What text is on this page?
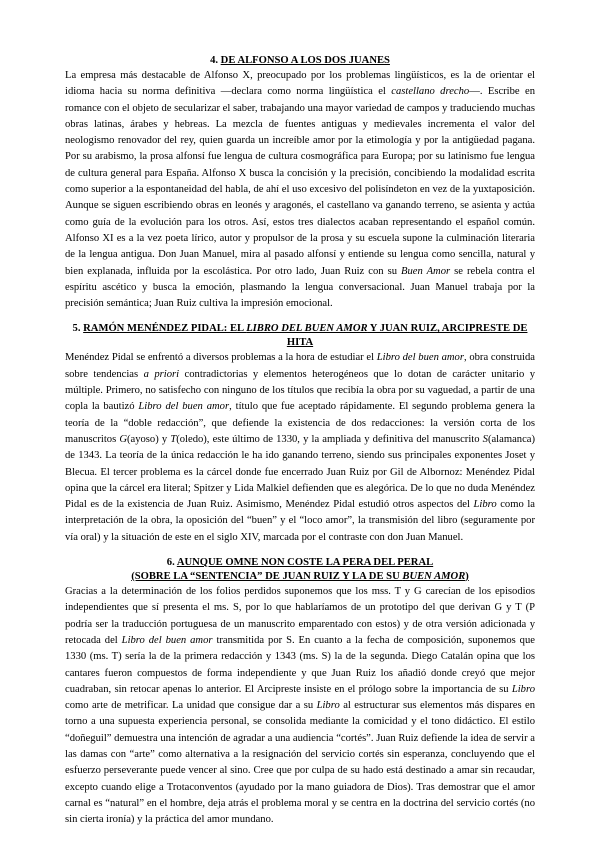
4. DE ALFONSO A LOS DOS JUANES

La empresa más destacable de Alfonso X, preocupado por los problemas lingüísticos, es la de orientar el idioma hacia su norma definitiva —declara como norma lingüística el castellano drecho—. Escribe en romance con el objeto de secularizar el saber, trabajando una mayor variedad de campos y traduciendo muchas obras latinas, árabes y hebreas. La mezcla de fuentes antiguas y medievales incrementa el valor del neologismo renovador del rey, quien guarda un increíble amor por la etimología y por la antigüedad pagana. Por su arabismo, la prosa alfonsí fue lengua de cultura cosmográfica para Europa; por su latinismo fue lengua de cultura general para España. Alfonso X busca la concisión y la precisión, concibiendo la modalidad escrita como superior a la espontaneidad del habla, de ahí el uso excesivo del polisíndeton en vez de la yuxtaposición. Aunque se siguen escribiendo obras en leonés y aragonés, el castellano va ganando terreno, se asienta y actúa como guía de la evolución para los otros. Así, estos tres dialectos acaban representando el español común. Alfonso XI es a la vez poeta lírico, autor y propulsor de la prosa y su escuela supone la culminación literaria de la lengua antigua. Don Juan Manuel, mira al pasado alfonsí y entiende su lengua como sencilla, natural y bien explanada, influida por la escolástica. Por otro lado, Juan Ruiz con su Buen Amor se rebela contra el espíritu ascético y busca la emoción, plasmando la lengua conversacional. Juan Manuel trabaja por la precisión semántica; Juan Ruiz cultiva la impresión emocional.

5. RAMÓN MENÉNDEZ PIDAL: EL LIBRO DEL BUEN AMOR Y JUAN RUIZ, ARCIPRESTE DE HITA

Menéndez Pidal se enfrentó a diversos problemas a la hora de estudiar el Libro del buen amor, obra construida sobre tendencias a priori contradictorias y elementos heterogéneos que lo dotan de carácter unitario y múltiple. Primero, no satisfecho con ninguno de los títulos que recibía la obra por su vaguedad, a partir de una copla la bautizó Libro del buen amor, título que fue aceptado rápidamente. El segundo problema genera la teoría de la “doble redacción”, que defiende la existencia de dos redacciones: la versión corta de los manuscritos G(ayoso) y T(oledo), este último de 1330, y la ampliada y definitiva del manuscrito S(alamanca) de 1343. La teoría de la única redacción le ha ido ganando terreno, siendo sus principales exponentes Joset y Blecua. El tercer problema es la cárcel donde fue encerrado Juan Ruiz por Gil de Albornoz: Menéndez Pidal opina que la cárcel era literal; Spitzer y Lida Malkiel defienden que es alegórica. De lo que no duda Menéndez Pidal es de la existencia de Juan Ruiz. Asimismo, Menéndez Pidal estudió otros aspectos del Libro como la interpretación de la obra, la oposición del “buen” y el “loco amor”, la transmisión del libro (seguramente por vía oral) y la situación de este en el siglo XIV, marcada por el contraste con don Juan Manuel.

6. AUNQUE OMNE NON COSTE LA PERA DEL PERAL

(SOBRE LA “SENTENCIA” DE JUAN RUIZ Y LA DE SU BUEN AMOR)

Gracias a la determinación de los folios perdidos suponemos que los mss. T y G carecían de los episodios independientes que sí presenta el ms. S, por lo que hablaríamos de un prototipo del que derivan G y T (P podría ser la traducción portuguesa de un manuscrito emparentado con estos) y de otra versión adicionada y retocada del Libro del buen amor transmitida por S. En cuanto a la fecha de composición, suponemos que 1330 (ms. T) sería la de la primera redacción y 1343 (ms. S) la de la segunda. Diego Catalán opina que los cantares fueron compuestos de forma independiente y que Juan Ruiz los añadió donde creyó que mejor cuadraban, sin retocar apenas lo anterior. El Arcipreste insiste en el prólogo sobre la importancia de su Libro como arte de metrificar. La unidad que consigue dar a su Libro al estructurar sus elementos más dispares en torno a una supuesta experiencia personal, se consolida mediante la comicidad y el tono didáctico. El estilo “doñeguil” demuestra una intención de agradar a una audiencia “cortés”. Juan Ruiz defiende la idea de servir a las damas con “arte” como alternativa a la resignación del servicio cortés sin esperanza, concluyendo que el esfuerzo perseverante puede vencer al sino. Cree que por culpa de su hado está destinado a amar sin recaudar, excepto cuando elige a Trotaconventos (ayudado por la mano guiadora de Dios). Tras demostrar que el amor carnal es “natural” en el hombre, deja atrás el problema moral y se centra en la doctrina del servicio cortés (no sin cierta ironía) y la práctica del amor mundano.
